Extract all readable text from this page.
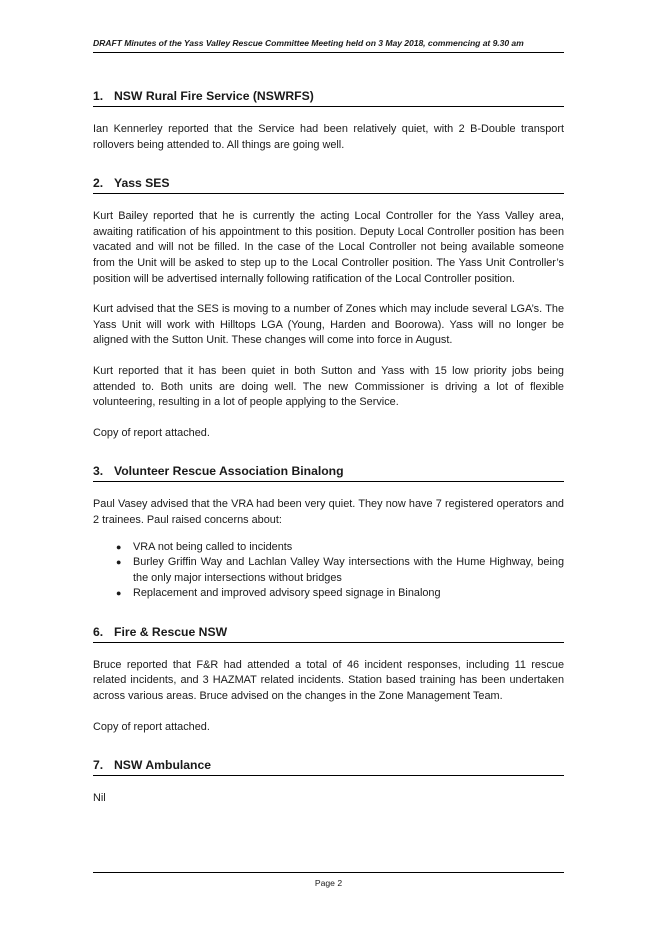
DRAFT Minutes of the Yass Valley Rescue Committee Meeting held on 3 May 2018, commencing at 9.30 am
1. NSW Rural Fire Service (NSWRFS)

Ian Kennerley reported that the Service had been relatively quiet, with 2 B-Double transport rollovers being attended to. All things are going well.

2. Yass SES

Kurt Bailey reported that he is currently the acting Local Controller for the Yass Valley area, awaiting ratification of his appointment to this position. Deputy Local Controller position has been vacated and will not be filled. In the case of the Local Controller not being available someone from the Unit will be asked to step up to the Local Controller position. The Yass Unit Controller’s position will be advertised internally following ratification of the Local Controller position.

Kurt advised that the SES is moving to a number of Zones which may include several LGA’s. The Yass Unit will work with Hilltops LGA (Young, Harden and Boorowa). Yass will no longer be aligned with the Sutton Unit. These changes will come into force in August.

Kurt reported that it has been quiet in both Sutton and Yass with 15 low priority jobs being attended to. Both units are doing well. The new Commissioner is driving a lot of flexible volunteering, resulting in a lot of people applying to the Service.

Copy of report attached.

3. Volunteer Rescue Association Binalong

Paul Vasey advised that the VRA had been very quiet. They now have 7 registered operators and 2 trainees. Paul raised concerns about:

● VRA not being called to incidents
● Burley Griffin Way and Lachlan Valley Way intersections with the Hume Highway, being the only major intersections without bridges
● Replacement and improved advisory speed signage in Binalong
6. Fire & Rescue NSW

Bruce reported that F&R had attended a total of 46 incident responses, including 11 rescue related incidents, and 3 HAZMAT related incidents. Station based training has been undertaken across various areas. Bruce advised on the changes in the Zone Management Team.

Copy of report attached.

7. NSW Ambulance

Nil

Page 2
